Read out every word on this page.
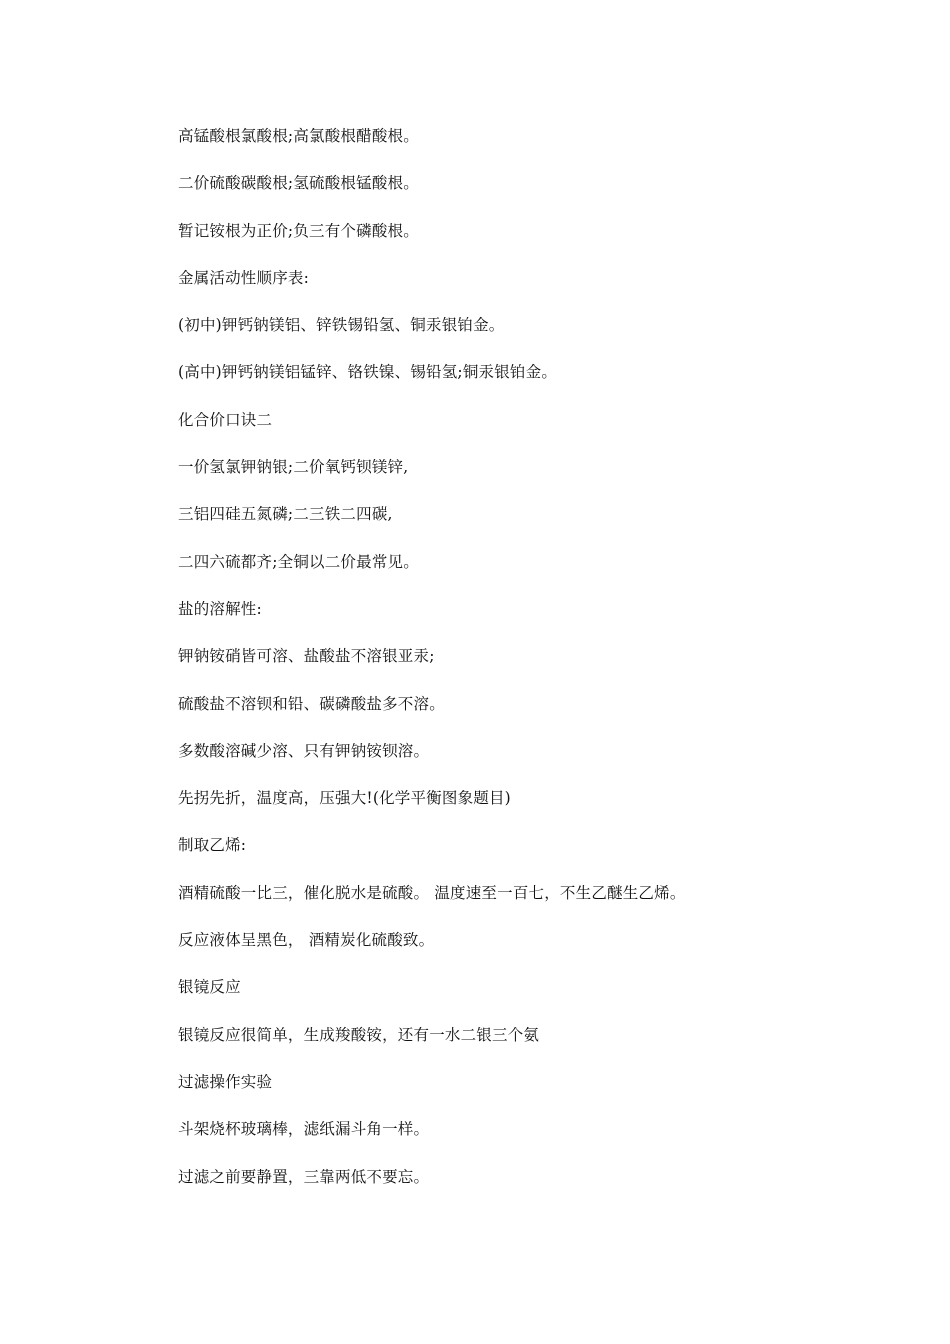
高锰酸根氯酸根;高氯酸根醋酸根。
二价硫酸碳酸根;氢硫酸根锰酸根。
暂记铵根为正价;负三有个磷酸根。
金属活动性顺序表:
(初中)钾钙钠镁铝、锌铁锡铅氢、铜汞银铂金。
(高中)钾钙钠镁铝锰锌、铬铁镍、锡铅氢;铜汞银铂金。
化合价口诀二
一价氢氯钾钠银;二价氧钙钡镁锌,
三铝四硅五氮磷;二三铁二四碳,
二四六硫都齐;全铜以二价最常见。
盐的溶解性:
钾钠铵硝皆可溶、盐酸盐不溶银亚汞;
硫酸盐不溶钡和铅、碳磷酸盐多不溶。
多数酸溶碱少溶、只有钾钠铵钡溶。
先拐先折，温度高，压强大!(化学平衡图象题目)
制取乙烯:
酒精硫酸一比三，催化脱水是硫酸。 温度速至一百七，不生乙醚生乙烯。
反应液体呈黑色， 酒精炭化硫酸致。
银镜反应
银镜反应很简单，生成羧酸铵，还有一水二银三个氨
过滤操作实验
斗架烧杯玻璃棒，滤纸漏斗角一样。
过滤之前要静置，三靠两低不要忘。
